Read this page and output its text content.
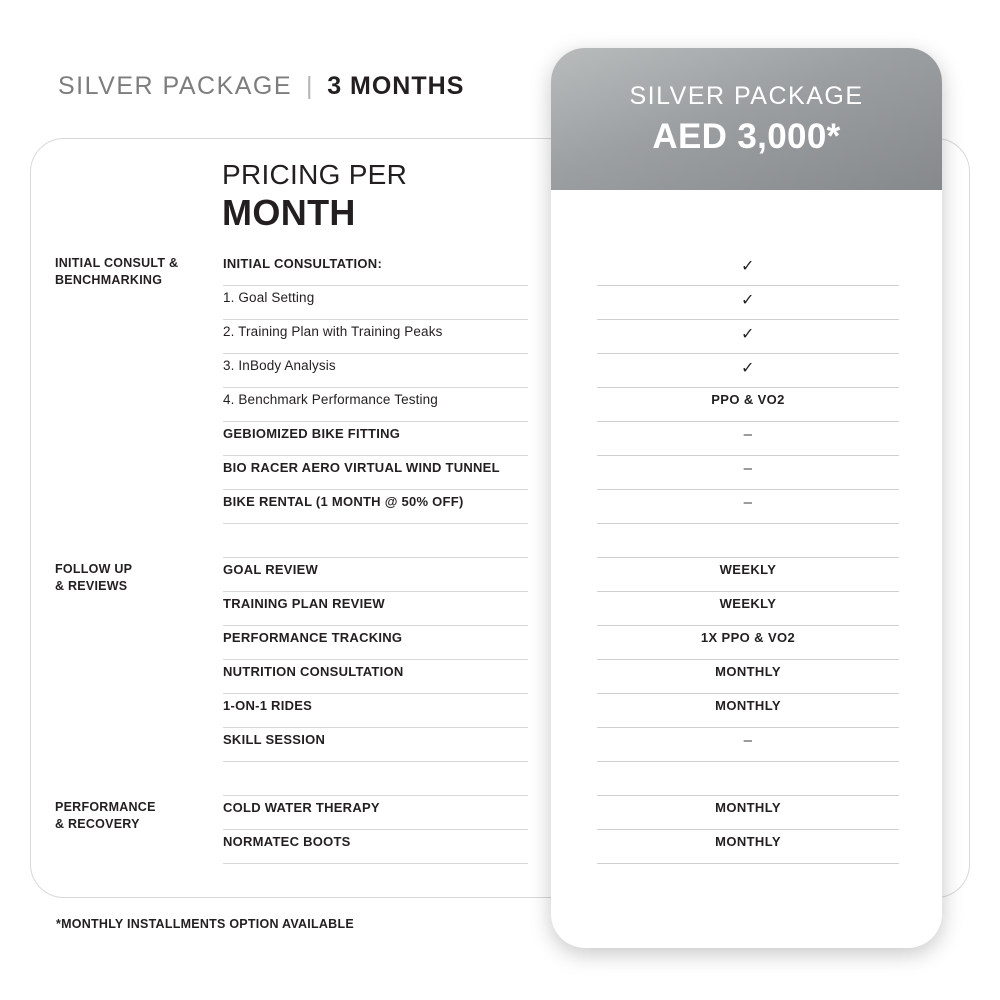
SILVER PACKAGE | 3 MONTHS
PRICING PER
MONTH
SILVER PACKAGE
AED 3,000*
INITIAL CONSULT &
BENCHMARKING
INITIAL CONSULTATION:	✓
1. Goal Setting	✓
2. Training Plan with Training Peaks	✓
3. InBody Analysis	✓
4. Benchmark Performance Testing	PPO & VO2
GEBIOMIZED BIKE FITTING	–
BIO RACER AERO VIRTUAL WIND TUNNEL	–
BIKE RENTAL (1 MONTH @ 50% OFF)	–
FOLLOW UP
& REVIEWS
GOAL REVIEW	WEEKLY
TRAINING PLAN REVIEW	WEEKLY
PERFORMANCE TRACKING	1X PPO & VO2
NUTRITION CONSULTATION	MONTHLY
1-ON-1 RIDES	MONTHLY
SKILL SESSION	–
PERFORMANCE
& RECOVERY
COLD WATER THERAPY	MONTHLY
NORMATEC BOOTS	MONTHLY
*MONTHLY INSTALLMENTS OPTION AVAILABLE
